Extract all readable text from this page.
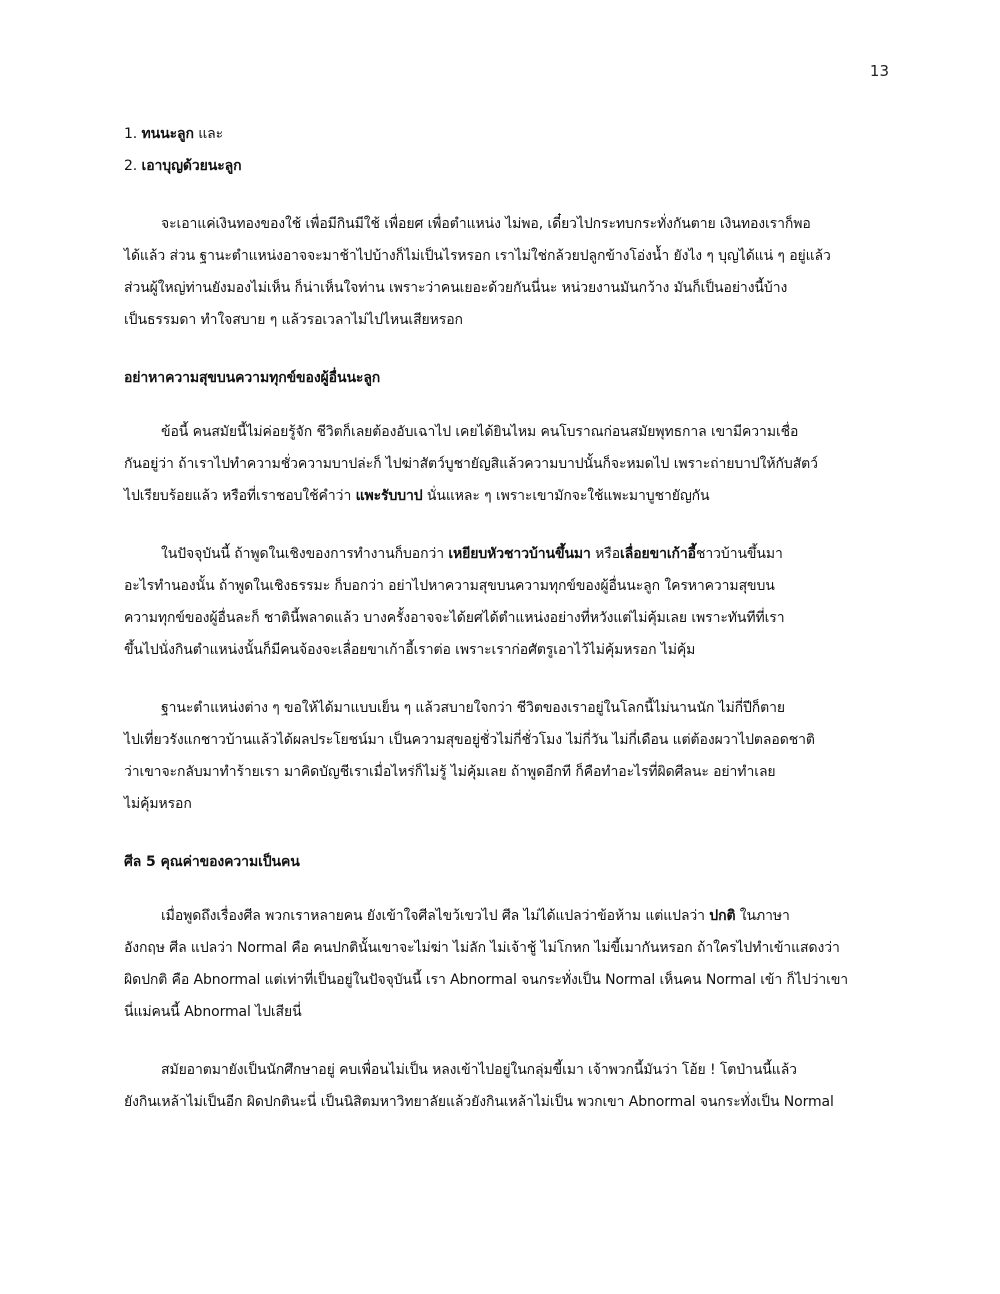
13
1. ทนนะลูก และ
2. เอาบุญด้วยนะลูก
จะเอาแค่เงินทองของใช้ เพื่อมีกินมีใช้ เพื่อยศ เพื่อตำแหน่ง ไม่พอ, เดี๋ยวไปกระทบกระทั่งกันตาย เงินทองเราก็พอ
ได้แล้ว ส่วน ฐานะตำแหน่งอาจจะมาช้าไปบ้างก็ไม่เป็นไรหรอก เราไม่ใช่กล้วยปลูกข้างโอ่งน้ำ ยังไง ๆ บุญได้แน่ ๆ อยู่แล้ว
ส่วนผู้ใหญ่ท่านยังมองไม่เห็น ก็น่าเห็นใจท่าน เพราะว่าคนเยอะด้วยกันนี่นะ หน่วยงานมันกว้าง มันก็เป็นอย่างนี้บ้าง
เป็นธรรมดา ทำใจสบาย ๆ แล้วรอเวลาไม่ไปไหนเสียหรอก
อย่าหาความสุขบนความทุกข์ของผู้อื่นนะลูก
ข้อนี้ คนสมัยนี้ไม่ค่อยรู้จัก ชีวิตก็เลยต้องอับเฉาไป เคยได้ยินไหม คนโบราณก่อนสมัยพุทธกาล เขามีความเชื่อ
กันอยู่ว่า ถ้าเราไปทำความชั่วความบาปล่ะก็ ไปฆ่าสัตว์บูชายัญสิแล้วความบาปนั้นก็จะหมดไป เพราะถ่ายบาปให้กับสัตว์
ไปเรียบร้อยแล้ว หรือที่เราชอบใช้คำว่า แพะรับบาป นั่นแหละ ๆ เพราะเขามักจะใช้แพะมาบูชายัญกัน
ในปัจจุบันนี้ ถ้าพูดในเชิงของการทำงานก็บอกว่า เหยียบหัวชาวบ้านขึ้นมา หรือเลื่อยขาเก้าอี้ชาวบ้านขึ้นมา
อะไรทำนองนั้น ถ้าพูดในเชิงธรรมะ ก็บอกว่า อย่าไปหาความสุขบนความทุกข์ของผู้อื่นนะลูก ใครหาความสุขบน
ความทุกข์ของผู้อื่นละก็ ชาตินี้พลาดแล้ว บางครั้งอาจจะได้ยศได้ตำแหน่งอย่างที่หวังแต่ไม่คุ้มเลย เพราะทันทีที่เรา
ขึ้นไปนั่งกินตำแหน่งนั้นก็มีคนจ้องจะเลื่อยขาเก้าอี้เราต่อ เพราะเราก่อศัตรูเอาไว้ไม่คุ้มหรอก ไม่คุ้ม
ฐานะตำแหน่งต่าง ๆ ขอให้ได้มาแบบเย็น ๆ แล้วสบายใจกว่า ชีวิตของเราอยู่ในโลกนี้ไม่นานนัก ไม่กี่ปีก็ตาย
ไปเที่ยวรังแกชาวบ้านแล้วได้ผลประโยชน์มา เป็นความสุขอยู่ชั่วไม่กี่ชั่วโมง ไม่กี่วัน ไม่กี่เดือน แต่ต้องผวาไปตลอดชาติ
ว่าเขาจะกลับมาทำร้ายเรา มาคิดบัญชีเราเมื่อไหร่ก็ไม่รู้ ไม่คุ้มเลย ถ้าพูดอีกที ก็คือทำอะไรที่ผิดศีลนะ อย่าทำเลย
ไม่คุ้มหรอก
ศีล 5 คุณค่าของความเป็นคน
เมื่อพูดถึงเรื่องศีล พวกเราหลายคน ยังเข้าใจศีลไขว้เขวไป ศีล ไม่ได้แปลว่าข้อห้าม แต่แปลว่า ปกติ ในภาษา
อังกฤษ ศีล แปลว่า Normal คือ คนปกตินั้นเขาจะไม่ฆ่า ไม่ลัก ไม่เจ้าชู้ ไม่โกหก ไม่ขี้เมากันหรอก ถ้าใครไปทำเข้าแสดงว่า
ผิดปกติ คือ Abnormal แต่เท่าที่เป็นอยู่ในปัจจุบันนี้ เรา Abnormal จนกระทั่งเป็น Normal เห็นคน Normal เข้า ก็ไปว่าเขา
นี่แม่คนนี้ Abnormal ไปเสียนี่
สมัยอาตมายังเป็นนักศึกษาอยู่ คบเพื่อนไม่เป็น หลงเข้าไปอยู่ในกลุ่มขี้เมา เจ้าพวกนี้มันว่า โอ้ย ! โตป่านนี้แล้ว
ยังกินเหล้าไม่เป็นอีก ผิดปกตินะนี่ เป็นนิสิตมหาวิทยาลัยแล้วยังกินเหล้าไม่เป็น พวกเขา Abnormal จนกระทั่งเป็น Normal
